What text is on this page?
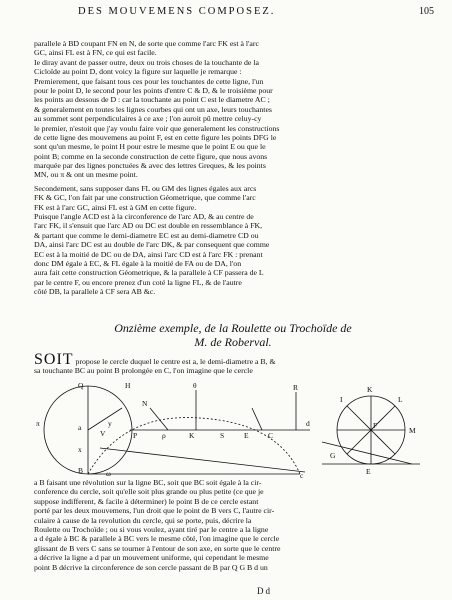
DES MOUVEMENS COMPOSEZ.	105
parallele à BD coupant FN en N, de sorte que comme l'arc FK est à l'arc
GC, ainsi FL est à FN, ce qui est facile.
Ie diray avant de passer outre, deux ou trois choses de la touchante de la
Cicloïde au point D, dont voicy la figure sur laquelle je remarque :
Premierement, que faisant tous ces pour les touchantes de cette ligne, l'un
pour le point D, le second pour les points d'entre C & D, & le troisième pour
les points au dessous de D : car la touchante au point C est le diametre AC ;
& generalement en toutes les lignes courbes qui ont un axe, leurs touchantes
au sommet sont perpendiculaires à ce axe ; l'on auroit pû mettre celuy-cy
le premier, n'estoit que j'ay voulu faire voir que generalement les constructions
de cette ligne des mouvemens au point F, est en cette figure les points DFG le
sont qu'un mesme, le point H pour estre le mesme que le point E ou que le
point B; comme en la seconde construction de cette figure, que nous avons
marquée par des lignes ponctuées & avec des lettres Greques, & les points
MN, ou π & ont un mesme point.
Secondement, sans supposer dans FL ou GM des lignes égales aux arcs
FK & GC, l'on fait par une construction Géometrique, que comme l'arc
FK est à l'arc GC, ainsi FL est à GM en cette figure.
Puisque l'angle ACD est à la circonference de l'arc AD, & au centre de
l'arc FK, il s'ensuit que l'arc AD ou DC est double en ressemblance à FK,
& partant que comme le demi-diametre EC est au demi-diametre CD ou
DA, ainsi l'arc DC est au double de l'arc DK, & par consequent que comme
EC est à la moitié de DC ou de DA, ainsi l'arc CD est à l'arc FK : prenant
donc DM égale à EC, & FL égale à la moitié de FA ou de DA, l'on
aura fait cette construction Géometrique, & la parallele à CF passera de L
par le centre F, ou encore prenez d'un coté la ligne FL, & de l'autre
côté DB, la parallele à CF sera AB &c.
Onzième exemple, de la Roulette ou Trochoïde de
M. de Roberval.
SOIT propose le cercle duquel le centre est a, le demi-diametre a B, &
sa touchante BC au point B prolongée en C, l'on imagine que le cercle
Q	H
π	a
x
y
V
B	ω
N
θ
P	ρ	K	S	E	C
R
d
K
L
I
M
F
G
E
c
a B faisant une révolution sur la ligne BC, soit que BC soit égale à la cir-
conference du cercle, soit qu'elle soit plus grande ou plus petite (ce que je
suppose indifferent, & facile à déterminer) le point B de ce cercle estant
porté par les deux mouvemens, l'un droit que le point de B vers C, l'autre cir-
culaire à cause de la revolution du cercle, qui se porte, puis, décrire la
Roulette ou Trochoïde ; ou si vous voulez, ayant tiré par le centre a la ligne
a d égale à BC & parallele à BC vers le mesme côté, l'on imagine que le cercle
glissant de B vers C sans se tourner à l'entour de son axe, en sorte que le centre
a décrive la ligne a d par un mouvement uniforme, qui cependant le mesme
point B décrive la circonference de son cercle passant de B par Q G B d un
Dd
